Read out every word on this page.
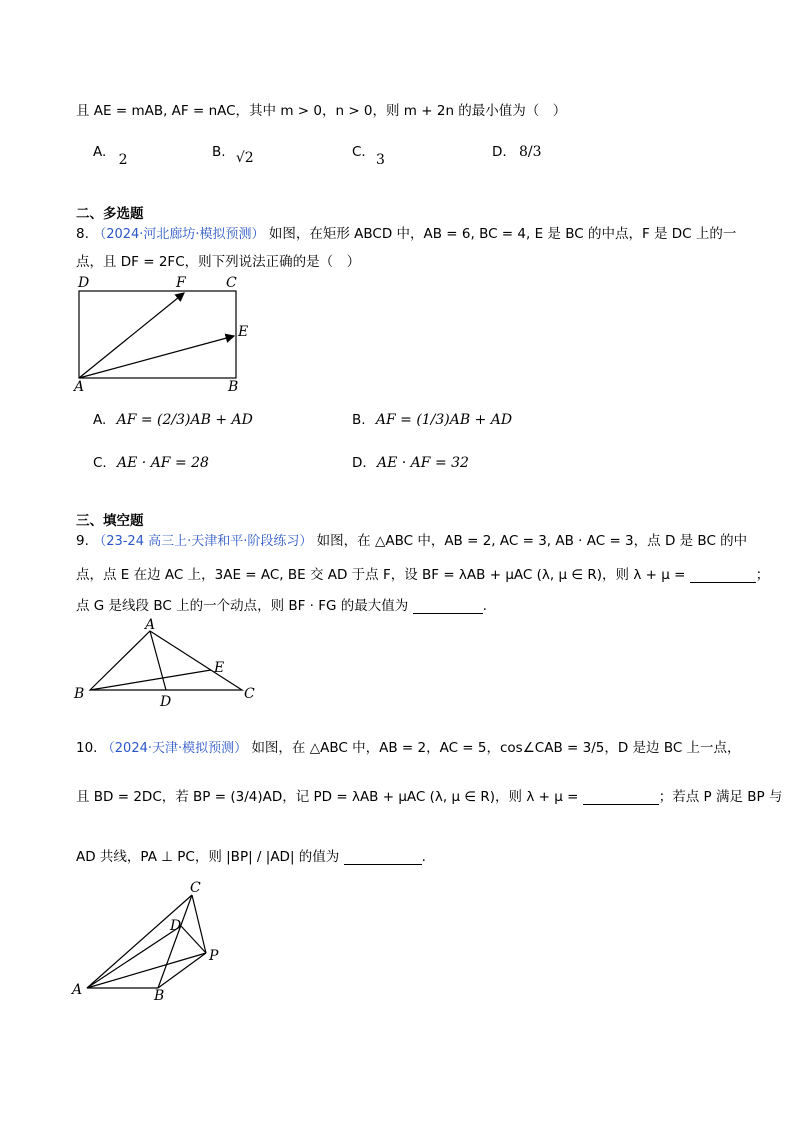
且 AE = mAB, AF = nAC，其中 m > 0，n > 0，则 m + 2n 的最小值为（　）
A. 2	B. √2	C. 3	D. 8/3
二、多选题
8. （2024·河北廊坊·模拟预测） 如图，在矩形 ABCD 中，AB = 6, BC = 4, E 是 BC 的中点，F 是 DC 上的一
点，且 DF = 2FC，则下列说法正确的是（　）
D	F	C
E
A	B
A. AF = (2/3)AB + AD	B. AF = (1/3)AB + AD
C. AE · AF = 28	D. AE · AF = 32
三、填空题
9. （23-24 高三上·天津和平·阶段练习） 如图，在 △ABC 中，AB = 2, AC = 3, AB · AC = 3，点 D 是 BC 的中
点，点 E 在边 AC 上，3AE = AC, BE 交 AD 于点 F，设 BF = λAB + μAC (λ, μ ∈ R)，则 λ + μ =	；
点 G 是线段 BC 上的一个动点，则 BF · FG 的最大值为	.
A
B	C
D
E
10. （2024·天津·模拟预测） 如图，在 △ABC 中，AB = 2，AC = 5，cos∠CAB = 3/5，D 是边 BC 上一点，
且 BD = 2DC，若 BP = (3/4)AD，记 PD = λAB + μAC (λ, μ ∈ R)，则 λ + μ =	；若点 P 满足 BP 与
AD 共线，PA ⊥ PC，则 |BP| / |AD| 的值为	.
C
D
P
A	B
